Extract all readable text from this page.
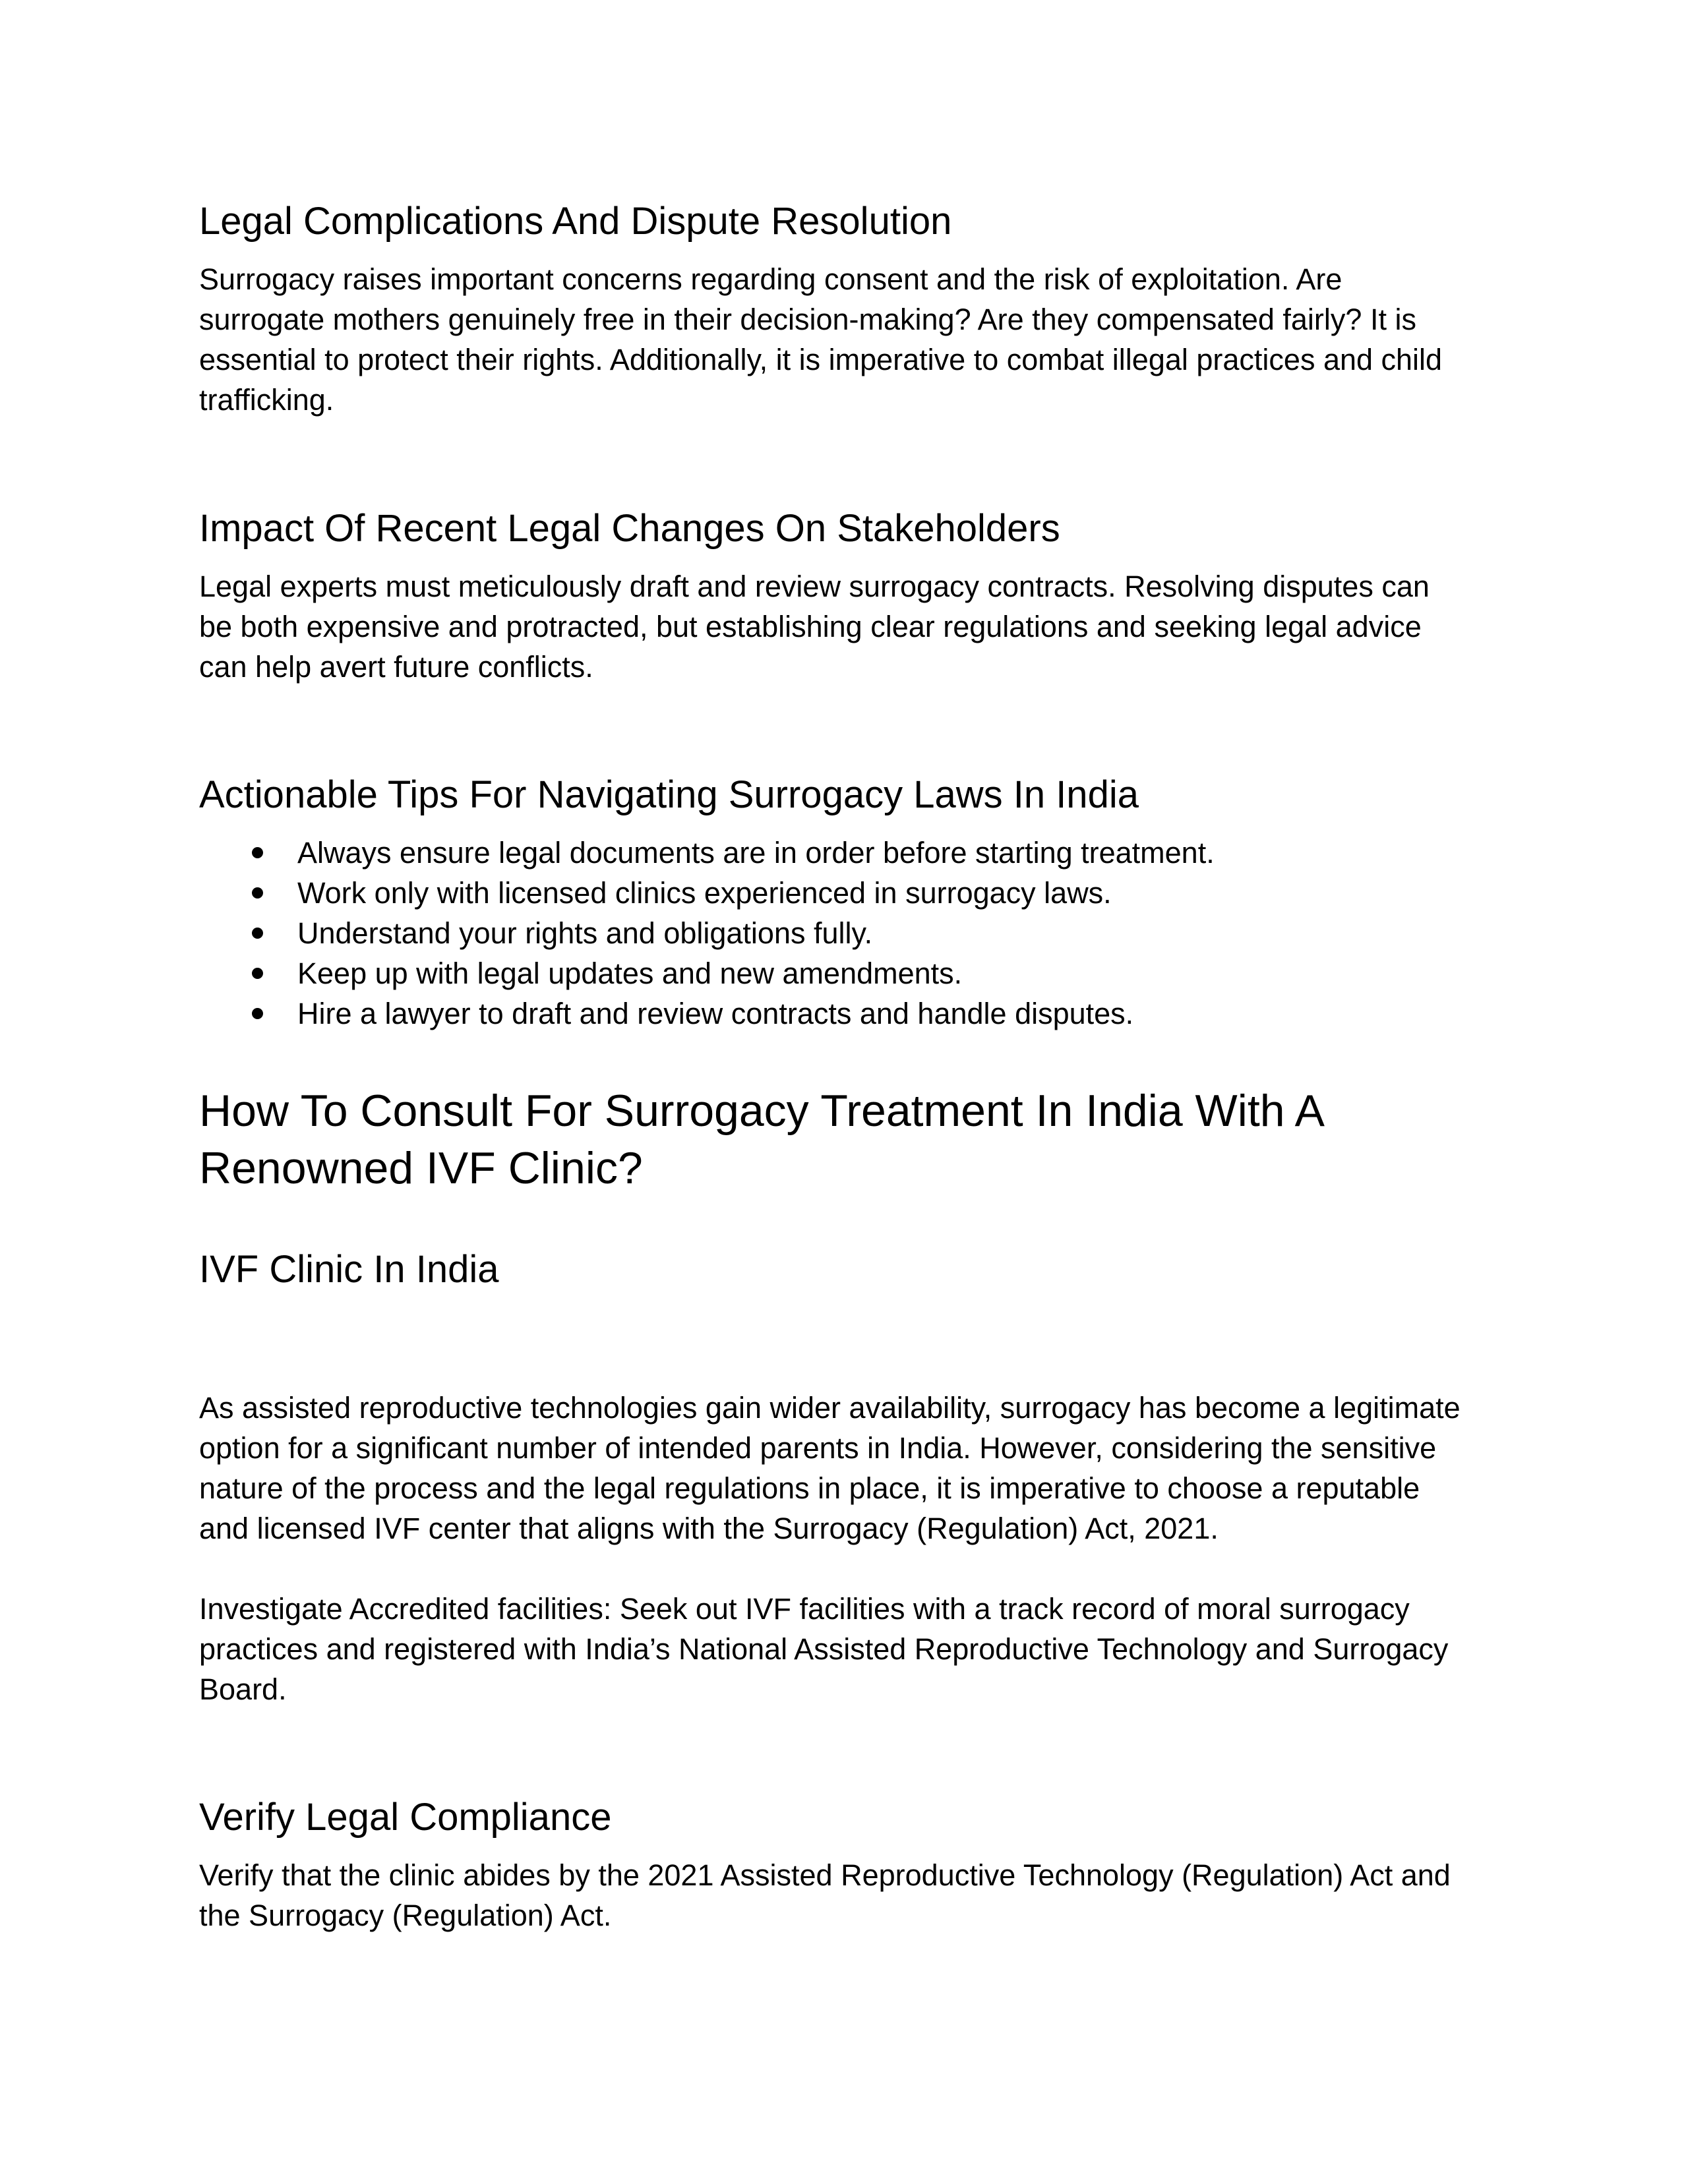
Legal Complications And Dispute Resolution
Surrogacy raises important concerns regarding consent and the risk of exploitation. Are
surrogate mothers genuinely free in their decision-making? Are they compensated fairly? It is
essential to protect their rights. Additionally, it is imperative to combat illegal practices and child
trafficking.
Impact Of Recent Legal Changes On Stakeholders
Legal experts must meticulously draft and review surrogacy contracts. Resolving disputes can
be both expensive and protracted, but establishing clear regulations and seeking legal advice
can help avert future conflicts.
Actionable Tips For Navigating Surrogacy Laws In India
Always ensure legal documents are in order before starting treatment.
Work only with licensed clinics experienced in surrogacy laws.
Understand your rights and obligations fully.
Keep up with legal updates and new amendments.
Hire a lawyer to draft and review contracts and handle disputes.
How To Consult For Surrogacy Treatment In India With A
Renowned IVF Clinic?
IVF Clinic In India
As assisted reproductive technologies gain wider availability, surrogacy has become a legitimate
option for a significant number of intended parents in India. However, considering the sensitive
nature of the process and the legal regulations in place, it is imperative to choose a reputable
and licensed IVF center that aligns with the Surrogacy (Regulation) Act, 2021.
Investigate Accredited facilities: Seek out IVF facilities with a track record of moral surrogacy
practices and registered with India’s National Assisted Reproductive Technology and Surrogacy
Board.
Verify Legal Compliance
Verify that the clinic abides by the 2021 Assisted Reproductive Technology (Regulation) Act and
the Surrogacy (Regulation) Act.
